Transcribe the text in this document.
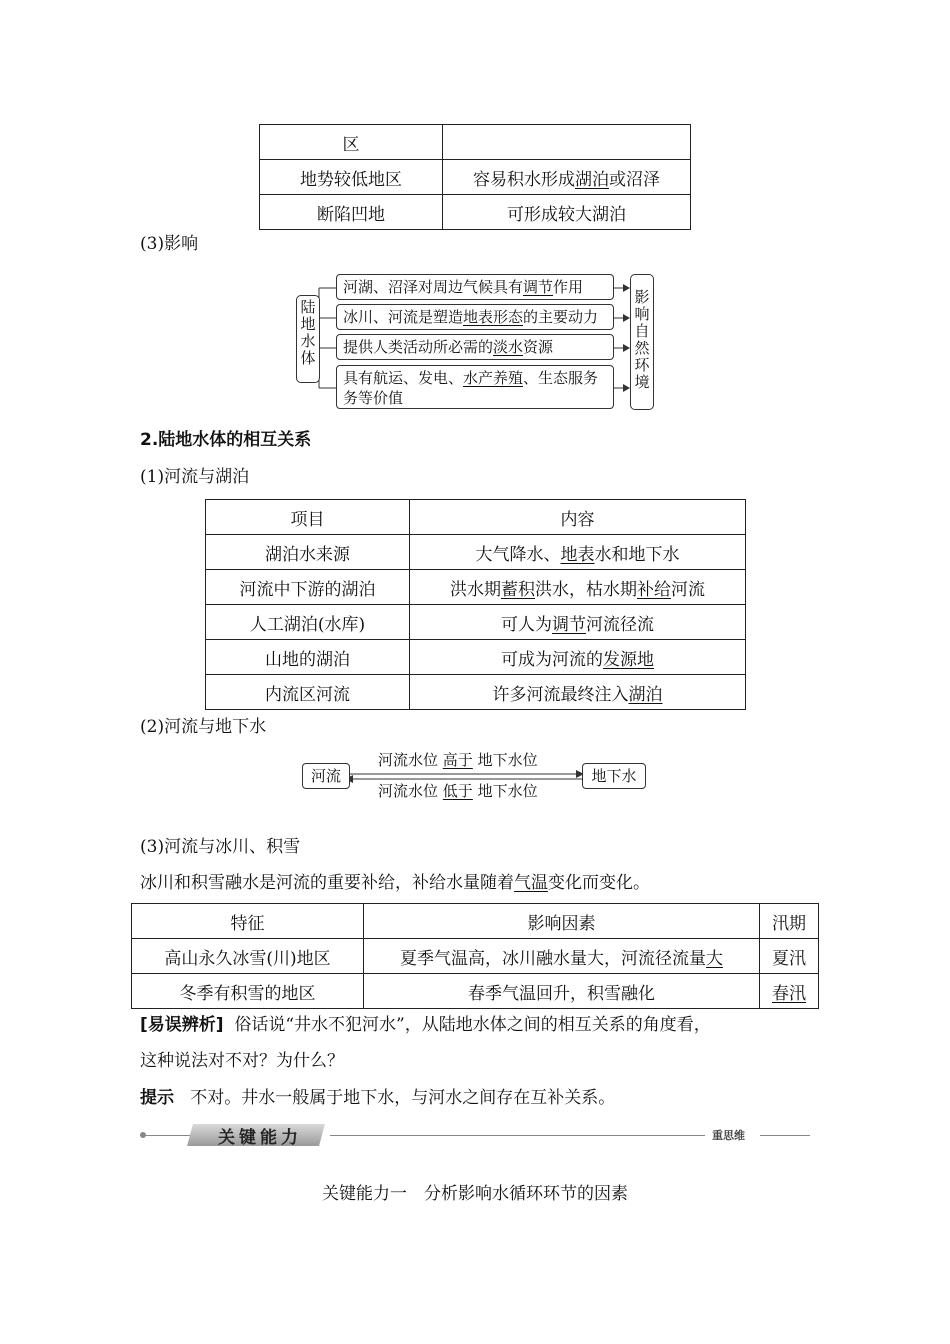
区	
地势较低地区	容易积水形成湖泊或沼泽
断陷凹地	可形成较大湖泊
(3)影响
陆
地
水
体
河湖、沼泽对周边气候具有调节作用
冰川、河流是塑造地表形态的主要动力
提供人类活动所必需的淡水资源
具有航运、发电、水产养殖、生态服务
务等价值
影
响
自
然
环
境
2.陆地水体的相互关系
(1)河流与湖泊
项目	内容
湖泊水来源	大气降水、地表水和地下水
河流中下游的湖泊	洪水期蓄积洪水，枯水期补给河流
人工湖泊(水库)	可人为调节河流径流
山地的湖泊	可成为河流的发源地
内流区河流	许多河流最终注入湖泊
(2)河流与地下水
河流	地下水
河流水位 高于 地下水位
河流水位 低于 地下水位
(3)河流与冰川、积雪
冰川和积雪融水是河流的重要补给，补给水量随着气温变化而变化。
特征	影响因素	汛期
高山永久冰雪(川)地区	夏季气温高，冰川融水量大，河流径流量大	夏汛
冬季有积雪的地区	春季气温回升，积雪融化	春汛
[易误辨析] 俗话说“井水不犯河水”，从陆地水体之间的相互关系的角度看，
这种说法对不对？为什么？
提示 不对。井水一般属于地下水，与河水之间存在互补关系。
关键能力	重思维
关键能力一　分析影响水循环环节的因素
